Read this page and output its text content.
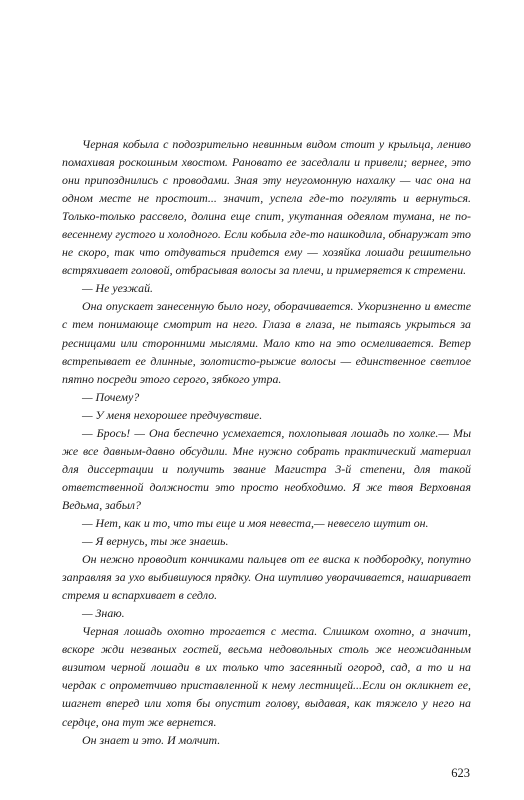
Черная кобыла с подозрительно невинным видом стоит у крыльца, лениво помахивая роскошным хвостом. Рановато ее заседлали и привели; вернее, это они припозднились с проводами. Зная эту неугомонную нахалку — час она на одном месте не простоит... значит, успела где-то погулять и вернуться. Только-только рассвело, долина еще спит, укутанная одеялом тумана, не по-весеннему густого и холодного. Если кобыла где-то нашкодила, обнаружат это не скоро, так что отдуваться придется ему — хозяйка лошади решительно встряхивает головой, отбрасывая волосы за плечи, и примеряется к стремени.

— Не уезжай.

Она опускает занесенную было ногу, оборачивается. Укоризненно и вместе с тем понимающе смотрит на него. Глаза в глаза, не пытаясь укрыться за ресницами или сторонними мыслями. Мало кто на это осмеливается. Ветер встрепывает ее длинные, золотисто-рыжие волосы — единственное светлое пятно посреди этого серого, зябкого утра.

— Почему?

— У меня нехорошее предчувствие.

— Брось! — Она беспечно усмехается, похлопывая лошадь по холке.— Мы же все давным-давно обсудили. Мне нужно собрать практический материал для диссертации и получить звание Магистра 3-й степени, для такой ответственной должности это просто необходимо. Я же твоя Верховная Ведьма, забыл?

— Нет, как и то, что ты еще и моя невеста,— невесело шутит он.

— Я вернусь, ты же знаешь.

Он нежно проводит кончиками пальцев от ее виска к подбородку, попутно заправляя за ухо выбившуюся прядку. Она шутливо уворачивается, нашаривает стремя и вспархивает в седло.

— Знаю.

Черная лошадь охотно трогается с места. Слишком охотно, а значит, вскоре жди незваных гостей, весьма недовольных столь же неожиданным визитом черной лошади в их только что засеянный огород, сад, а то и на чердак с опрометчиво приставленной к нему лестницей...Если он окликнет ее, шагнет вперед или хотя бы опустит голову, выдавая, как тяжело у него на сердце, она тут же вернется.

Он знает и это. И молчит.

623
